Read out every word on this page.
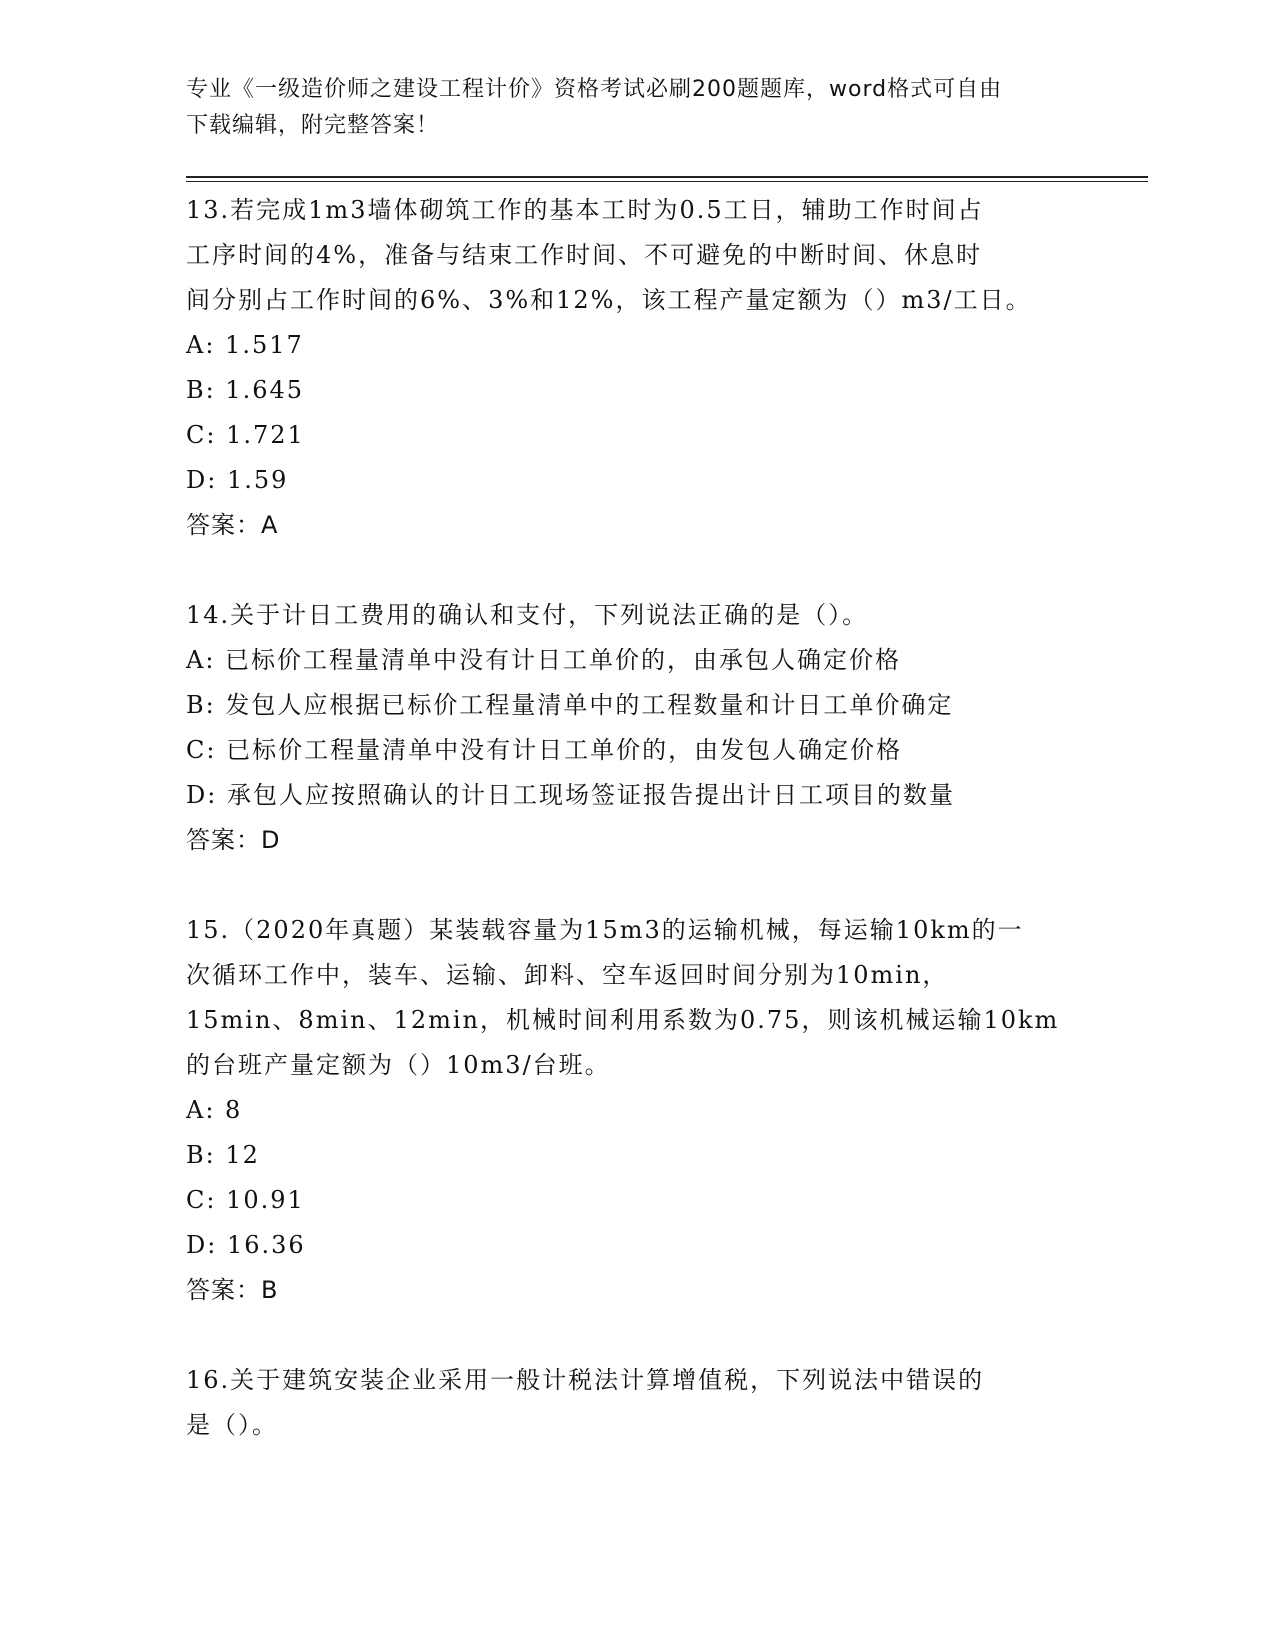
专业《一级造价师之建设工程计价》资格考试必刷200题题库，word格式可自由
下载编辑，附完整答案！
13.若完成1m3墙体砌筑工作的基本工时为0.5工日，辅助工作时间占
工序时间的4%，准备与结束工作时间、不可避免的中断时间、休息时
间分别占工作时间的6%、3%和12%，该工程产量定额为（）m3/工日。
A: 1.517
B: 1.645
C: 1.721
D: 1.59
答案：A
14.关于计日工费用的确认和支付，下列说法正确的是（）。
A: 已标价工程量清单中没有计日工单价的，由承包人确定价格
B: 发包人应根据已标价工程量清单中的工程数量和计日工单价确定
C: 已标价工程量清单中没有计日工单价的，由发包人确定价格
D: 承包人应按照确认的计日工现场签证报告提出计日工项目的数量
答案：D
15.（2020年真题）某装载容量为15m3的运输机械，每运输10km的一
次循环工作中，装车、运输、卸料、空车返回时间分别为10min，
15min、8min、12min，机械时间利用系数为0.75，则该机械运输10km
的台班产量定额为（）10m3/台班。
A: 8
B: 12
C: 10.91
D: 16.36
答案：B
16.关于建筑安装企业采用一般计税法计算增值税，下列说法中错误的
是（）。
